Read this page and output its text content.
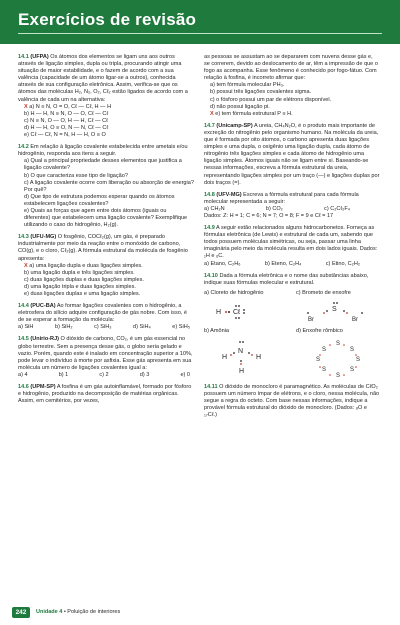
Exercícios de revisão
14.1 (UFPA) Os átomos dos elementos se ligam uns aos outros através de ligação simples, dupla ou tripla, procurando atingir uma situação de maior estabilidade, e o fazem de acordo com a sua valência (capacidade de um átomo ligar-se a outros), conhecida através de sua configuração eletrônica. Assim, verifica-se que os átomos das moléculas H₂, N₂, O₂, Cℓ₂ estão ligados de acordo com a valência de cada um na alternativa:
X a) N ≡ N, O = O, Cℓ — Cℓ, H — H
b) H — H, N ≡ N, O — O, Cℓ — Cℓ
c) N ≡ N, O — O, H — H, Cℓ — Cℓ
d) H — H, O ≡ O, N — N, Cℓ — Cℓ
e) Cℓ — Cℓ, N = N, H — H, O ≡ O
14.2 Em relação à ligação covalente estabelecida entre ametais e/ou hidrogênio, responda aos itens a seguir.
a) Qual a principal propriedade desses elementos que justifica a ligação covalente?
b) O que caracteriza esse tipo de ligação?
c) A ligação covalente ocorre com liberação ou absorção de energia? Por quê?
d) Que tipo de estrutura podemos esperar quando os átomos estabelecem ligações covalentes?
e) Quais as forças que agem entre dois átomos (iguais ou diferentes) que estabelecem uma ligação covalente? Exemplifique utilizando o caso do hidrogênio, H₂(g).
14.3 (UFU-MG) O fosgênio, COCℓ₂(g), um gás, é preparado industrialmente por meio da reação entre o monóxido de carbono, CO(g), e o cloro, Cℓ₂(g). A fórmula estrutural da molécula de fosgênio apresenta:
X a) uma ligação dupla e duas ligações simples.
b) uma ligação dupla e três ligações simples.
c) duas ligações duplas e duas ligações simples.
d) uma ligação tripla e duas ligações simples.
e) duas ligações duplas e uma ligação simples.
14.4 (PUC-BA) Ao formar ligações covalentes com o hidrogênio, a eletrosfera do silício adquire configuração de gás nobre. Com isso, é de se esperar a formação da molécula:
a) SiH	b) SiH₂	c) SiH₃	d) SiH₄	e) SiH₅
14.5 (Unirio-RJ) O dióxido de carbono, CO₂, é um gás essencial no globo terrestre. Sem a presença desse gás, o globo seria gelado e vazio. Porém, quando este é inalado em concentração superior a 10%, pode levar o indivíduo à morte por asfixia. Esse gás apresenta em sua molécula um número de ligações covalentes igual a:
a) 4	b) 1	c) 2	d) 3	e) 0
14.6 (UPM-SP) A fosfina é um gás autoinflamável, formado por fósforo e hidrogênio, produzido na decomposição de matérias orgânicas. Assim, em cemitérios, por vezes,
as pessoas se assustam ao se depararem com nuvens desse gás e, se correrem, devido ao deslocamento de ar, têm a impressão de que o fogo as acompanha. Esse fenômeno é conhecido por fogo-fátuo. Com relação à fosfina, é incorreto afirmar que:
a) tem fórmula molecular PH₃.
b) possui três ligações covalentes sigma.
c) o fósforo possui um par de elétrons disponível.
d) não possui ligação pi.
X e) tem fórmula estrutural P ≡ H.
14.7 (Unicamp-SP) A ureia, CH₄N₂O, é o produto mais importante de excreção do nitrogênio pelo organismo humano. Na molécula da ureia, que é formada por oito átomos, o carbono apresenta duas ligações simples e uma dupla, o oxigênio uma ligação dupla, cada átomo de nitrogênio três ligações simples e cada átomo de hidrogênio uma ligação simples. Átomos iguais não se ligam entre si. Baseando-se nessas informações, escreva a fórmula estrutural da ureia, representando ligações simples por um traço (—) e ligações duplas por dois traços (=).
14.8 (UFV-MG) Escreva a fórmula estrutural para cada fórmula molecular representada a seguir:
a) CH₂N	b) CO₂	c) C₂Cℓ₂F₄
Dados: Z: H = 1; C = 6; N = 7; O = 8; F = 9 e Cℓ = 17
14.9 A seguir estão relacionados alguns hidrocarbonetos. Forneça as fórmulas eletrônica (de Lewis) e estrutural de cada um, sabendo que todos possuem moléculas simétricas, ou seja, passar uma linha imaginária pelo meio da molécula resulta em dois lados iguais. Dados: ₁H e ₆C.
a) Etano, C₂H₆	b) Eteno, C₂H₄	c) Etino, C₂H₂
14.10 Dada a fórmula eletrônica e o nome das substâncias abaixo, indique suas fórmulas molecular e estrutural.
a) Cloreto de hidrogênio
H Cℓ
c) Brometo de enxofre
Br
S
Br
b) Amônia
N
H	H
H
d) Enxofre rômbico
S
S
S
S
S
S
S
S
14.11 O dióxido de monocloro é paramagnético. As moléculas de CℓO₂ possuem um número ímpar de elétrons, e o cloro, nessa molécula, não segue a regra do octeto. Com base nessas informações, indique a provável fórmula estrutural do dióxido de monocloro. (Dados: ₈O e ₁₇Cℓ.)
242	Unidade 4 • Poluição de interiores
